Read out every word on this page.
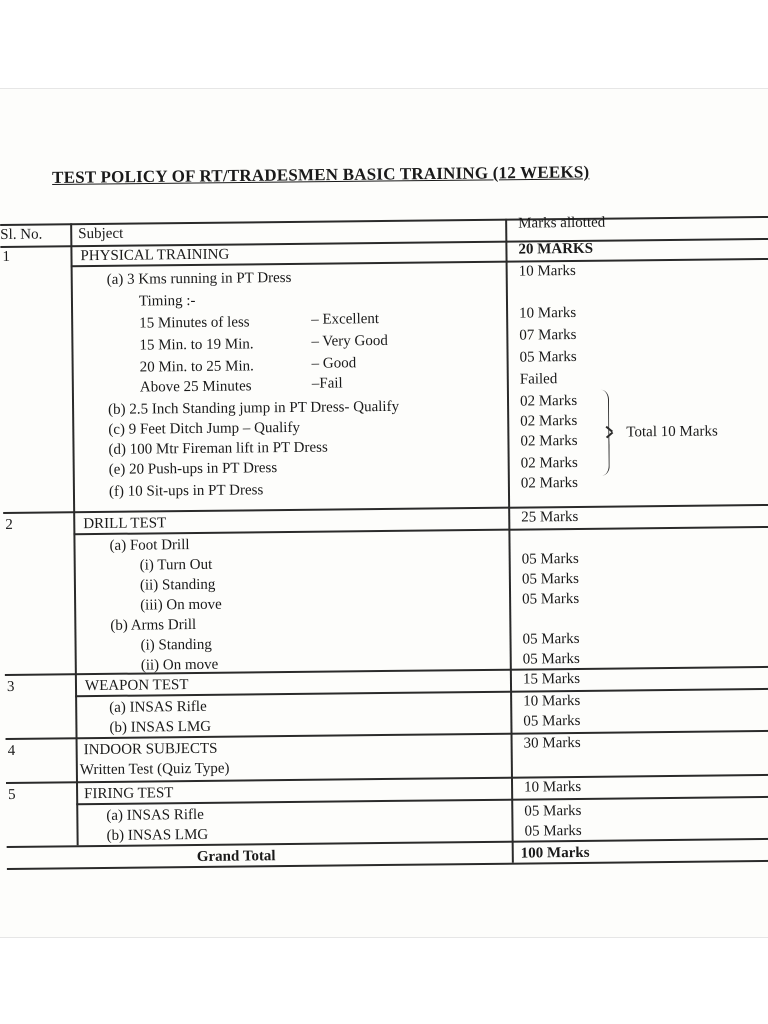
TEST POLICY OF RT/TRADESMEN BASIC TRAINING (12 WEEKS)
Sl. No. Subject
Marks allotted
1	PHYSICAL TRAINING	20 MARKS
(a) 3 Kms running in PT Dress	10 Marks
Timing :-
15 Minutes of less	– Excellent	10 Marks
15 Min. to 19 Min.	– Very Good	07 Marks
20 Min. to 25 Min.	– Good	05 Marks
Above 25 Minutes	–Fail	Failed
(b) 2.5 Inch Standing jump in PT Dress- Qualify	02 Marks
(c) 9 Feet Ditch Jump – Qualify	02 Marks
(d) 100 Mtr Fireman lift in PT Dress	02 Marks
(e) 20 Push-ups in PT Dress	02 Marks
(f) 10 Sit-ups in PT Dress	02 Marks
Total 10 Marks
2	DRILL TEST	25 Marks
(a) Foot Drill
(i) Turn Out	05 Marks
(ii) Standing	05 Marks
(iii) On move	05 Marks
(b) Arms Drill
(i) Standing	05 Marks
(ii) On move	05 Marks
3	WEAPON TEST	15 Marks
(a) INSAS Rifle	10 Marks
(b) INSAS LMG	05 Marks
4	INDOOR SUBJECTS	30 Marks
Written Test (Quiz Type)
5	FIRING TEST	10 Marks
(a) INSAS Rifle	05 Marks
(b) INSAS LMG	05 Marks
Grand Total	100 Marks
